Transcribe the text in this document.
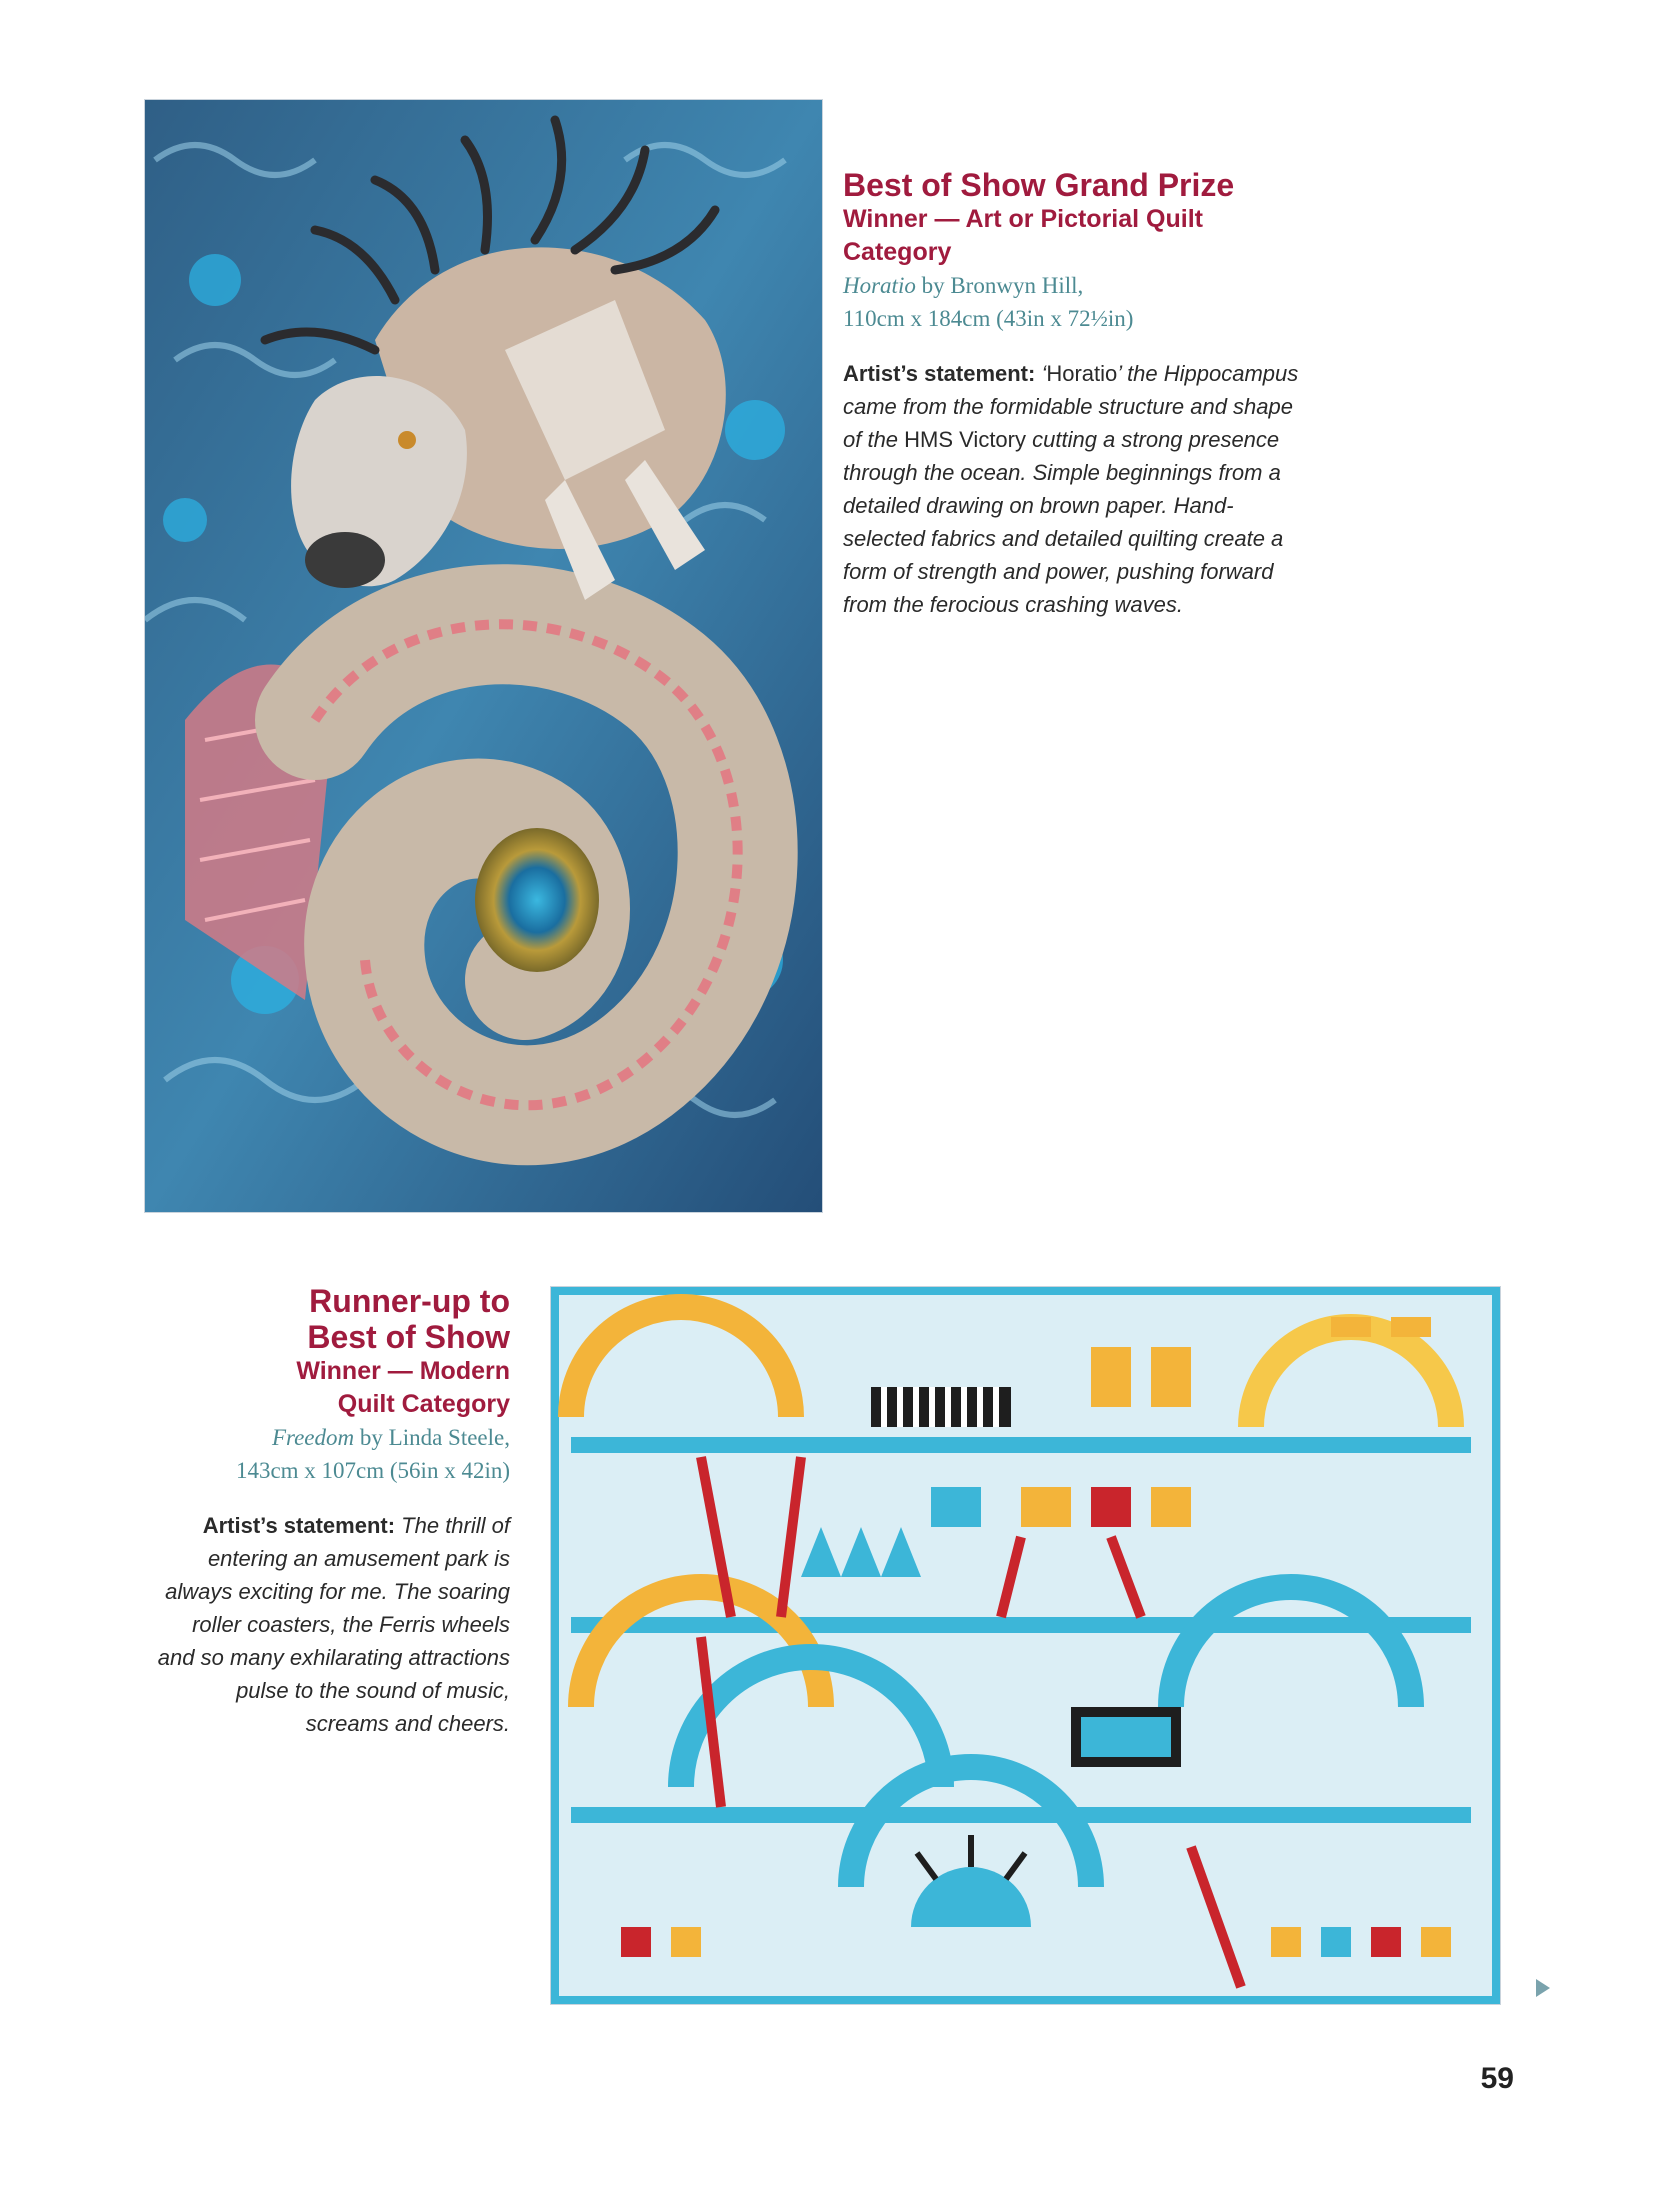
Best of Show Grand Prize

Winner — Art or Pictorial Quilt

Category

Horatio by Bronwyn Hill,

110cm x 184cm (43in x 72½in)

Artist’s statement: ‘Horatio’ the Hippocampus came from the formidable structure and shape of the HMS Victory cutting a strong presence through the ocean. Simple beginnings from a detailed drawing on brown paper. Hand-selected fabrics and detailed quilting create a form of strength and power, pushing forward from the ferocious crashing waves.

Runner-up to

Best of Show

Winner — Modern

Quilt Category

Freedom by Linda Steele,

143cm x 107cm (56in x 42in)

Artist’s statement: The thrill of entering an amusement park is always exciting for me. The soaring roller coasters, the Ferris wheels and so many exhilarating attractions pulse to the sound of music, screams and cheers.

59
